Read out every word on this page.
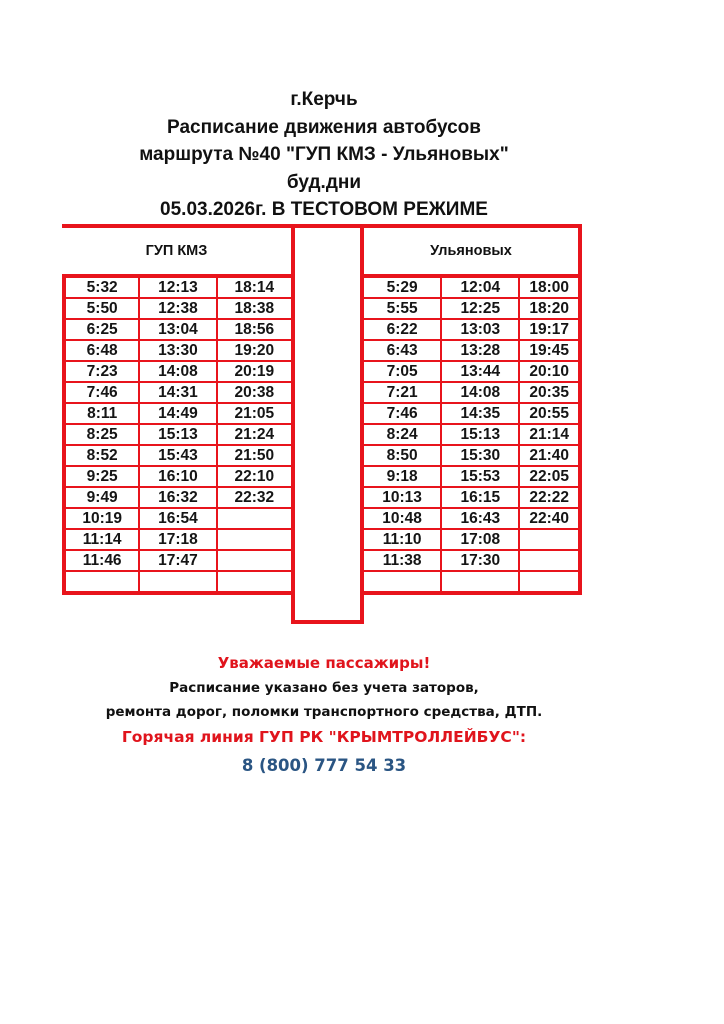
г.Керчь
Расписание движения автобусов
маршрута №40 "ГУП КМЗ - Ульяновых"
буд.дни
05.03.2026г. В ТЕСТОВОМ РЕЖИМЕ
ГУП КМЗ	Ульяновых
5:32	12:13	18:14
5:50	12:38	18:38
6:25	13:04	18:56
6:48	13:30	19:20
7:23	14:08	20:19
7:46	14:31	20:38
8:11	14:49	21:05
8:25	15:13	21:24
8:52	15:43	21:50
9:25	16:10	22:10
9:49	16:32	22:32
10:19	16:54	
11:14	17:18	
11:46	17:47	

5:29	12:04	18:00
5:55	12:25	18:20
6:22	13:03	19:17
6:43	13:28	19:45
7:05	13:44	20:10
7:21	14:08	20:35
7:46	14:35	20:55
8:24	15:13	21:14
8:50	15:30	21:40
9:18	15:53	22:05
10:13	16:15	22:22
10:48	16:43	22:40
11:10	17:08	
11:38	17:30	

Уважаемые пассажиры!
Расписание указано без учета заторов,
ремонта дорог, поломки транспортного средства, ДТП.
Горячая линия ГУП РК "КРЫМТРОЛЛЕЙБУС":
8 (800) 777 54 33
